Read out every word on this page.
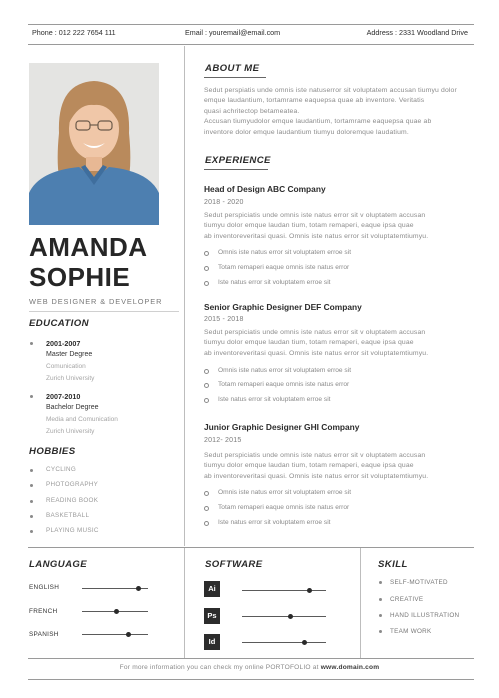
Phone : 012 222 7654 111	Email : youremail@email.com	Address : 2331 Woodland Drive
AMANDA
SOPHIE
WEB DESIGNER & DEVELOPER
EDUCATION
2001-2007
Master Degree
Comunication
Zurich University
2007-2010
Bachelor Degree
Media and Comunication
Zurich University
HOBBIES
CYCLING
PHOTOGRAPHY
READING BOOK
BASKETBALL
PLAYING MUSIC
ABOUT ME
Sedut perspiatis unde omnis iste natuserror sit voluptatem accusan tiumyu dolor
emque laudantium, tortamrame eaquepsa quae ab inventore. Veritatis
quasi achritectop betameatea.
Accusan tiumyudolor emque laudantium, tortamrame eaquepsa quae ab
inventore dolor emque laudantium tiumyu doloremque laudatium.
EXPERIENCE
Head of Design ABC Company
2018 - 2020
Sedut perspiciatis unde omnis iste natus error sit v oluptatem accusan
tiumyu dolor emque laudan tium, totam remaperi, eaque ipsa quae
ab inventoreveritasi quasi. Omnis iste natus error sit voluptatemtiumyu.
Omnis iste natus error sit voluptatem erroe sit
Totam remaperi eaque omnis iste natus error
Iste natus error sit voluptatem erroe sit
Senior Graphic Designer DEF Company
2015 - 2018
Sedut perspiciatis unde omnis iste natus error sit v oluptatem accusan
tiumyu dolor emque laudan tium, totam remaperi, eaque ipsa quae
ab inventoreveritasi quasi. Omnis iste natus error sit voluptatemtiumyu.
Omnis iste natus error sit voluptatem erroe sit
Totam remaperi eaque omnis iste natus error
Iste natus error sit voluptatem erroe sit
Junior Graphic Designer GHI Company
2012- 2015
Sedut perspiciatis unde omnis iste natus error sit v oluptatem accusan
tiumyu dolor emque laudan tium, totam remaperi, eaque ipsa quae
ab inventoreveritasi quasi. Omnis iste natus error sit voluptatemtiumyu.
Omnis iste natus error sit voluptatem erroe sit
Totam remaperi eaque omnis iste natus error
Iste natus error sit voluptatem erroe sit
LANGUAGE
ENGLISH
FRENCH
SPANISH
SOFTWARE
Ai
Ps
Id
SKILL
SELF-MOTIVATED
CREATIVE
HAND ILLUSTRATION
TEAM WORK
For more information you can check my online PORTOFOLIO at www.domain.com
